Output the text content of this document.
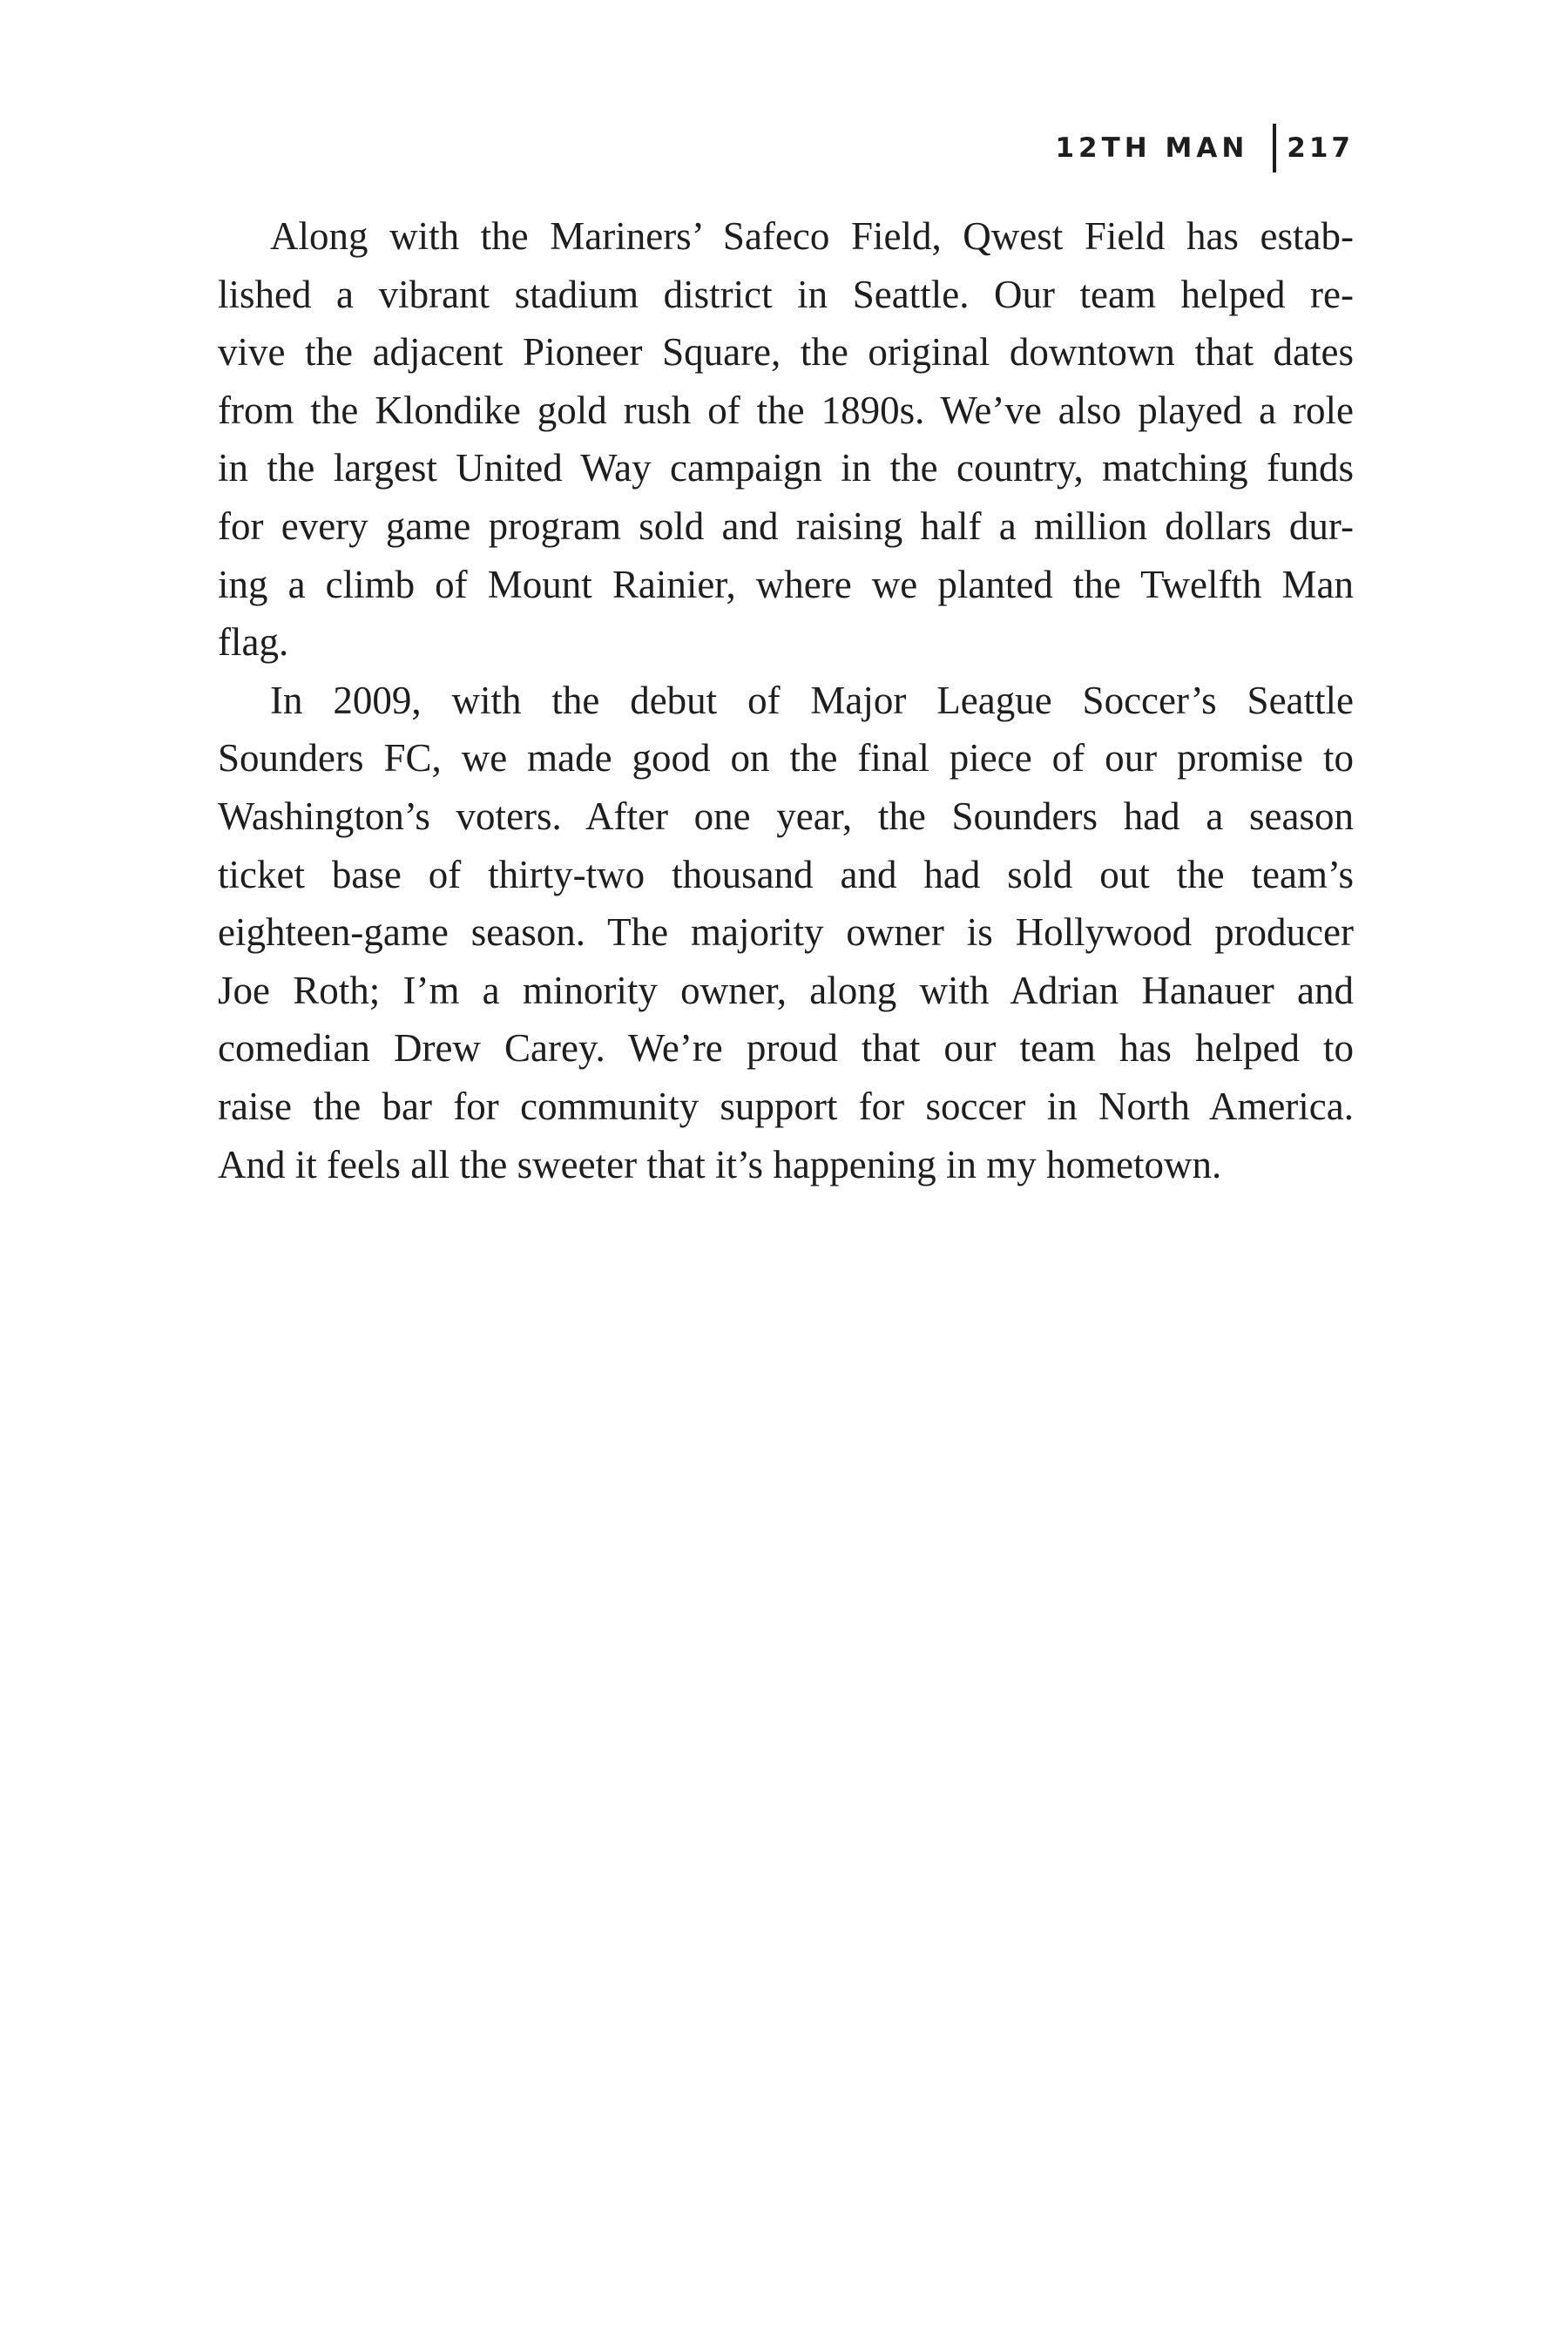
12TH MAN	217
Along with the Mariners’ Safeco Field, Qwest Field has estab-
lished a vibrant stadium district in Seattle. Our team helped re-
vive the adjacent Pioneer Square, the original downtown that dates
from the Klondike gold rush of the 1890s. We’ve also played a role
in the largest United Way campaign in the country, matching funds
for every game program sold and raising half a million dollars dur-
ing a climb of Mount Rainier, where we planted the Twelfth Man
flag.
In 2009, with the debut of Major League Soccer’s Seattle
Sounders FC, we made good on the final piece of our promise to
Washington’s voters. After one year, the Sounders had a season
ticket base of thirty-two thousand and had sold out the team’s
eighteen-game season. The majority owner is Hollywood producer
Joe Roth; I’m a minority owner, along with Adrian Hanauer and
comedian Drew Carey. We’re proud that our team has helped to
raise the bar for community support for soccer in North America.
And it feels all the sweeter that it’s happening in my hometown.
